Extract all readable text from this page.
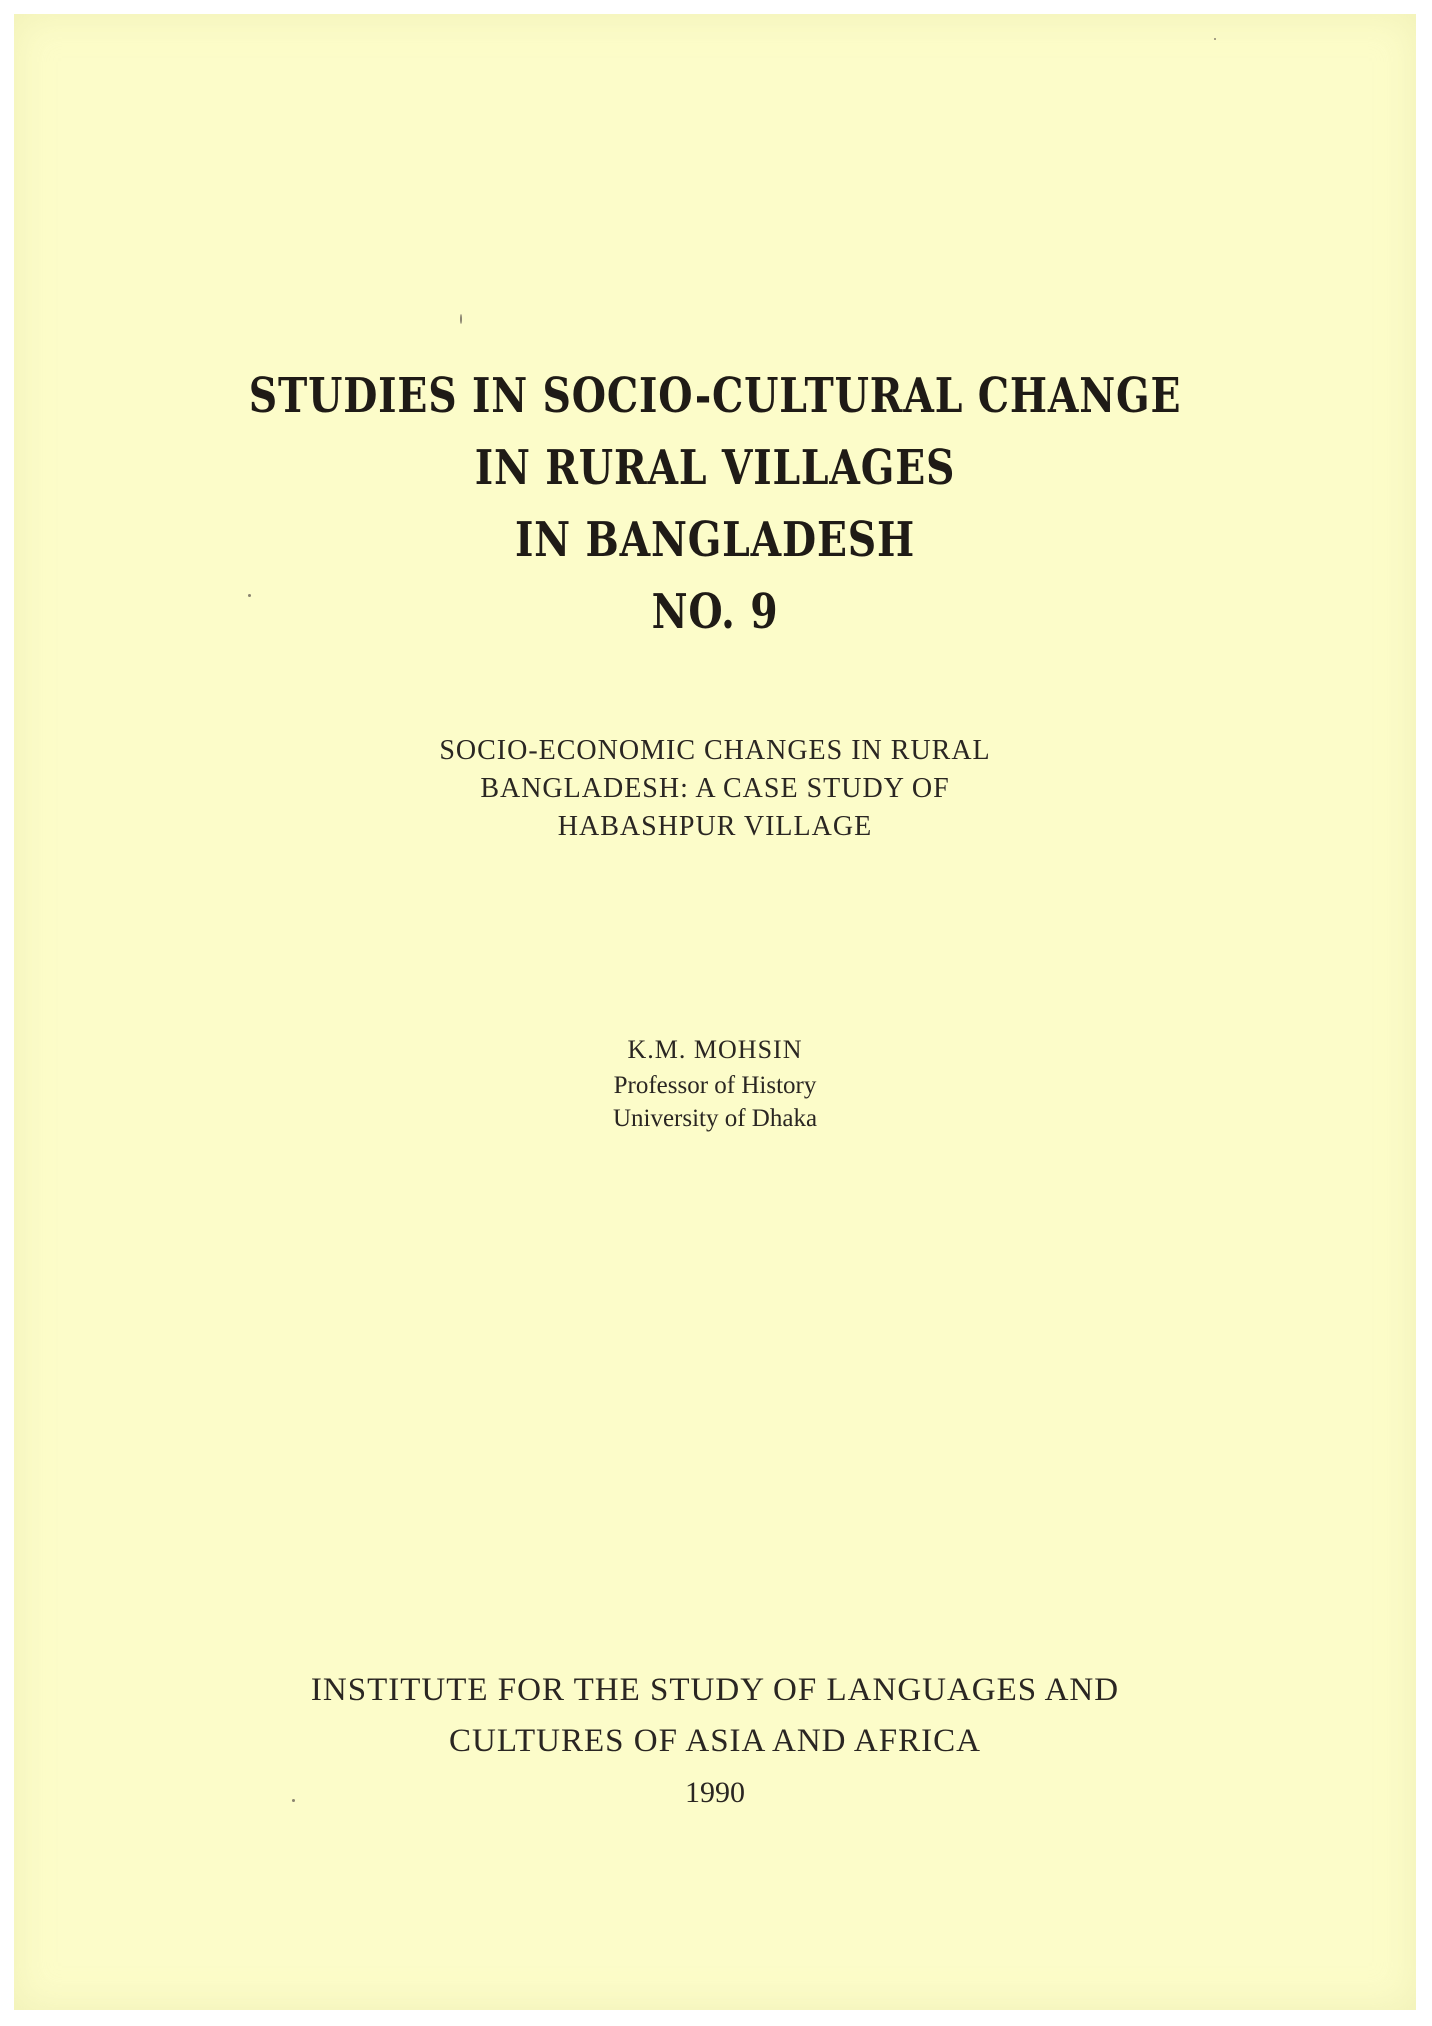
STUDIES IN SOCIO-CULTURAL CHANGE
IN RURAL VILLAGES
IN BANGLADESH
NO. 9
SOCIO-ECONOMIC CHANGES IN RURAL
BANGLADESH: A CASE STUDY OF
HABASHPUR VILLAGE
K.M. MOHSIN
Professor of History
University of Dhaka
INSTITUTE FOR THE STUDY OF LANGUAGES AND
CULTURES OF ASIA AND AFRICA
1990
